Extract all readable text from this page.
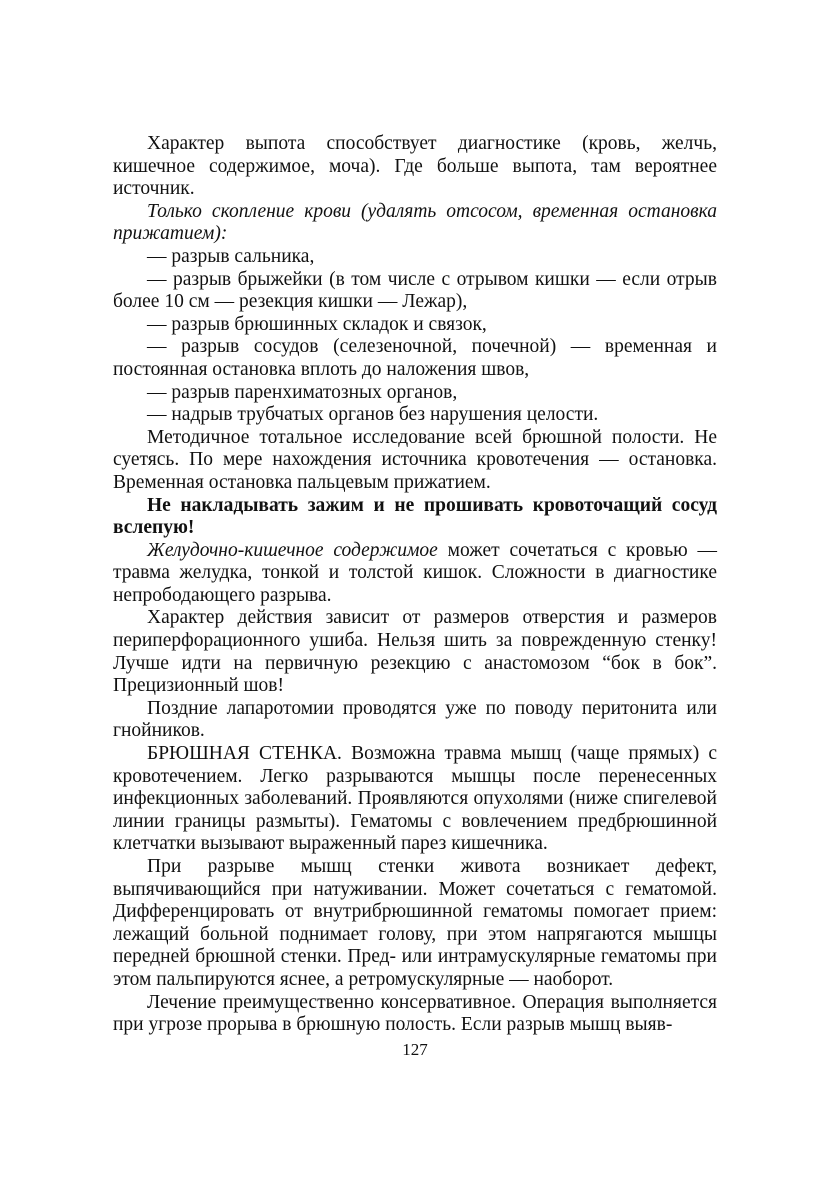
Характер выпота способствует диагностике (кровь, желчь, кишечное содержимое, моча). Где больше выпота, там вероятнее источник.

Только скопление крови (удалять отсосом, временная остановка прижатием):

— разрыв сальника,

— разрыв брыжейки (в том числе с отрывом кишки — если отрыв более 10 см — резекция кишки — Лежар),

— разрыв брюшинных складок и связок,

— разрыв сосудов (селезеночной, почечной) — временная и постоянная остановка вплоть до наложения швов,

— разрыв паренхиматозных органов,

— надрыв трубчатых органов без нарушения целости.

Методичное тотальное исследование всей брюшной полости. Не суетясь. По мере нахождения источника кровотечения — остановка. Временная остановка пальцевым прижатием.

Не накладывать зажим и не прошивать кровоточащий сосуд вслепую!

Желудочно-кишечное содержимое может сочетаться с кровью — травма желудка, тонкой и толстой кишок. Сложности в диагностике непрободающего разрыва.

Характер действия зависит от размеров отверстия и размеров периперфорационного ушиба. Нельзя шить за поврежденную стенку! Лучше идти на первичную резекцию с анастомозом “бок в бок”. Прецизионный шов!

Поздние лапаротомии проводятся уже по поводу перитонита или гнойников.

БРЮШНАЯ СТЕНКА. Возможна травма мышц (чаще прямых) с кровотечением. Легко разрываются мышцы после перенесенных инфекционных заболеваний. Проявляются опухолями (ниже спигелевой линии границы размыты). Гематомы с вовлечением предбрюшинной клетчатки вызывают выраженный парез кишечника.

При разрыве мышц стенки живота возникает дефект, выпячивающийся при натуживании. Может сочетаться с гематомой. Дифференцировать от внутрибрюшинной гематомы помогает прием: лежащий больной поднимает голову, при этом напрягаются мышцы передней брюшной стенки. Пред- или интрамускулярные гематомы при этом пальпируются яснее, а ретромускулярные — наоборот.

Лечение преимущественно консервативное. Операция выполняется при угрозе прорыва в брюшную полость. Если разрыв мышц выяв-

127
